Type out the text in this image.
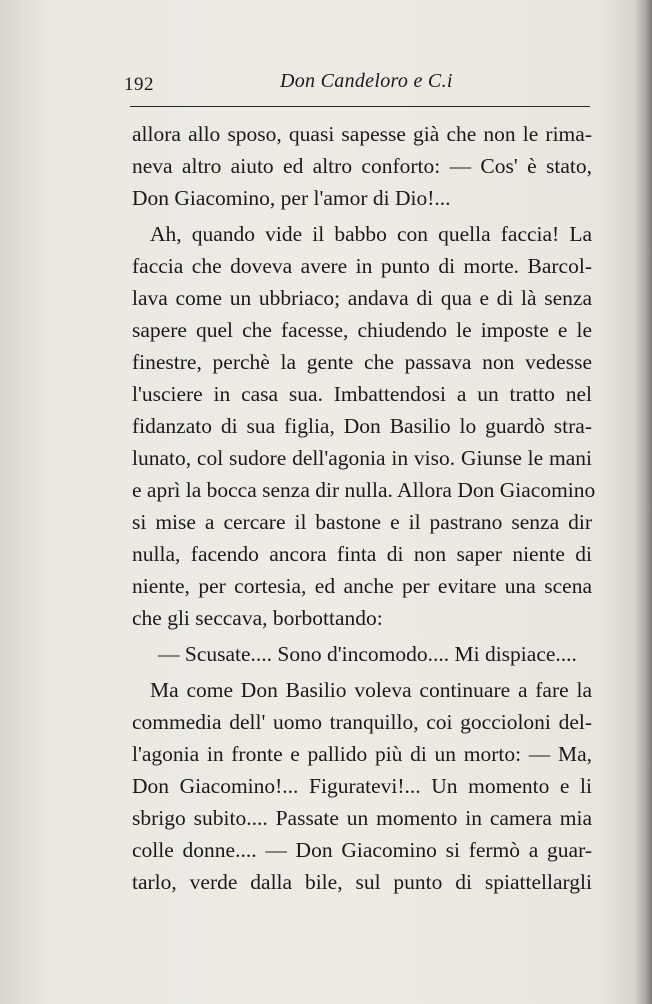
192	Don Candeloro e C.i
allora allo sposo, quasi sapesse già che non le rima-
neva altro aiuto ed altro conforto: — Cos' è stato,
Don Giacomino, per l'amor di Dio!...
Ah, quando vide il babbo con quella faccia! La
faccia che doveva avere in punto di morte. Barcol-
lava come un ubbriaco; andava di qua e di là senza
sapere quel che facesse, chiudendo le imposte e le
finestre, perchè la gente che passava non vedesse
l'usciere in casa sua. Imbattendosi a un tratto nel
fidanzato di sua figlia, Don Basilio lo guardò stra-
lunato, col sudore dell'agonia in viso. Giunse le mani
e aprì la bocca senza dir nulla. Allora Don Giacomino
si mise a cercare il bastone e il pastrano senza dir
nulla, facendo ancora finta di non saper niente di
niente, per cortesia, ed anche per evitare una scena
che gli seccava, borbottando:
— Scusate.... Sono d'incomodo.... Mi dispiace....
Ma come Don Basilio voleva continuare a fare la
commedia dell' uomo tranquillo, coi goccioloni del-
l'agonia in fronte e pallido più di un morto: — Ma,
Don Giacomino!... Figuratevi!... Un momento e li
sbrigo subito.... Passate un momento in camera mia
colle donne.... — Don Giacomino si fermò a guar-
tarlo, verde dalla bile, sul punto di spiattellargli
